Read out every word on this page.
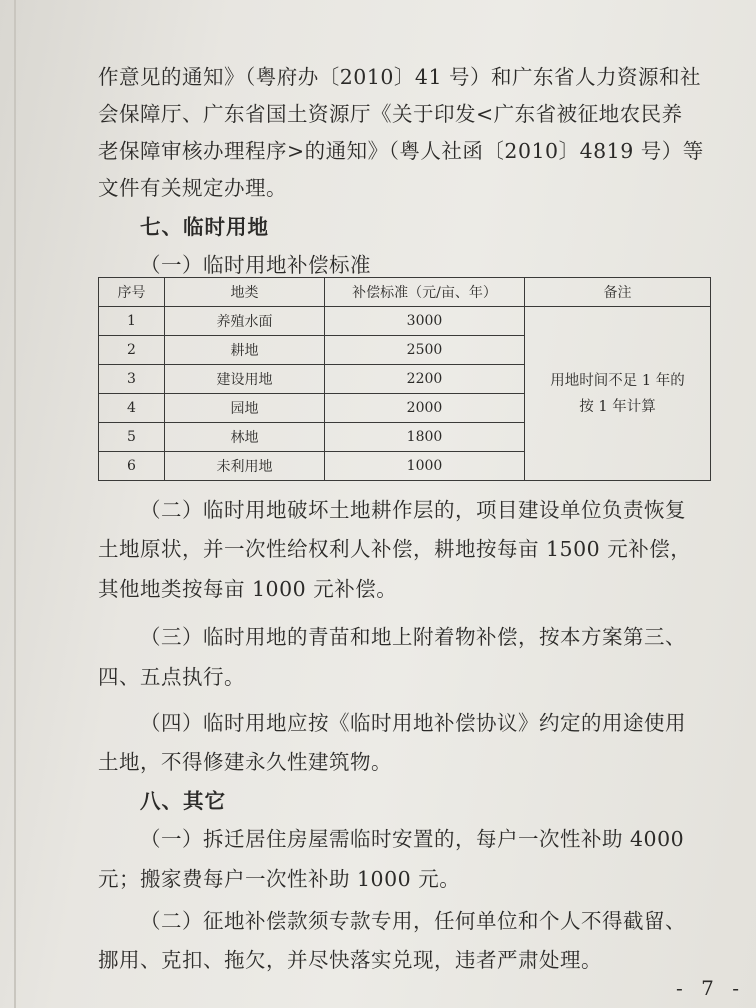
作意见的通知》（粤府办〔2010〕41 号）和广东省人力资源和社
会保障厅、广东省国土资源厅《关于印发<广东省被征地农民养
老保障审核办理程序>的通知》（粤人社函〔2010〕4819 号）等
文件有关规定办理。
七、临时用地
（一）临时用地补偿标准
序号	地类	补偿标准（元/亩、年）	备注
1	养殖水面	3000	用地时间不足 1 年的
按 1 年计算

2	耕地	2500	
3	建设用地	2200	
4	园地	2000	
5	林地	1800	
6	未利用地	1000	
（二）临时用地破坏土地耕作层的，项目建设单位负责恢复
土地原状，并一次性给权利人补偿，耕地按每亩 1500 元补偿，
其他地类按每亩 1000 元补偿。
（三）临时用地的青苗和地上附着物补偿，按本方案第三、
四、五点执行。
（四）临时用地应按《临时用地补偿协议》约定的用途使用
土地，不得修建永久性建筑物。
八、其它
（一）拆迁居住房屋需临时安置的，每户一次性补助 4000
元；搬家费每户一次性补助 1000 元。
（二）征地补偿款须专款专用，任何单位和个人不得截留、
挪用、克扣、拖欠，并尽快落实兑现，违者严肃处理。
- 7 -
